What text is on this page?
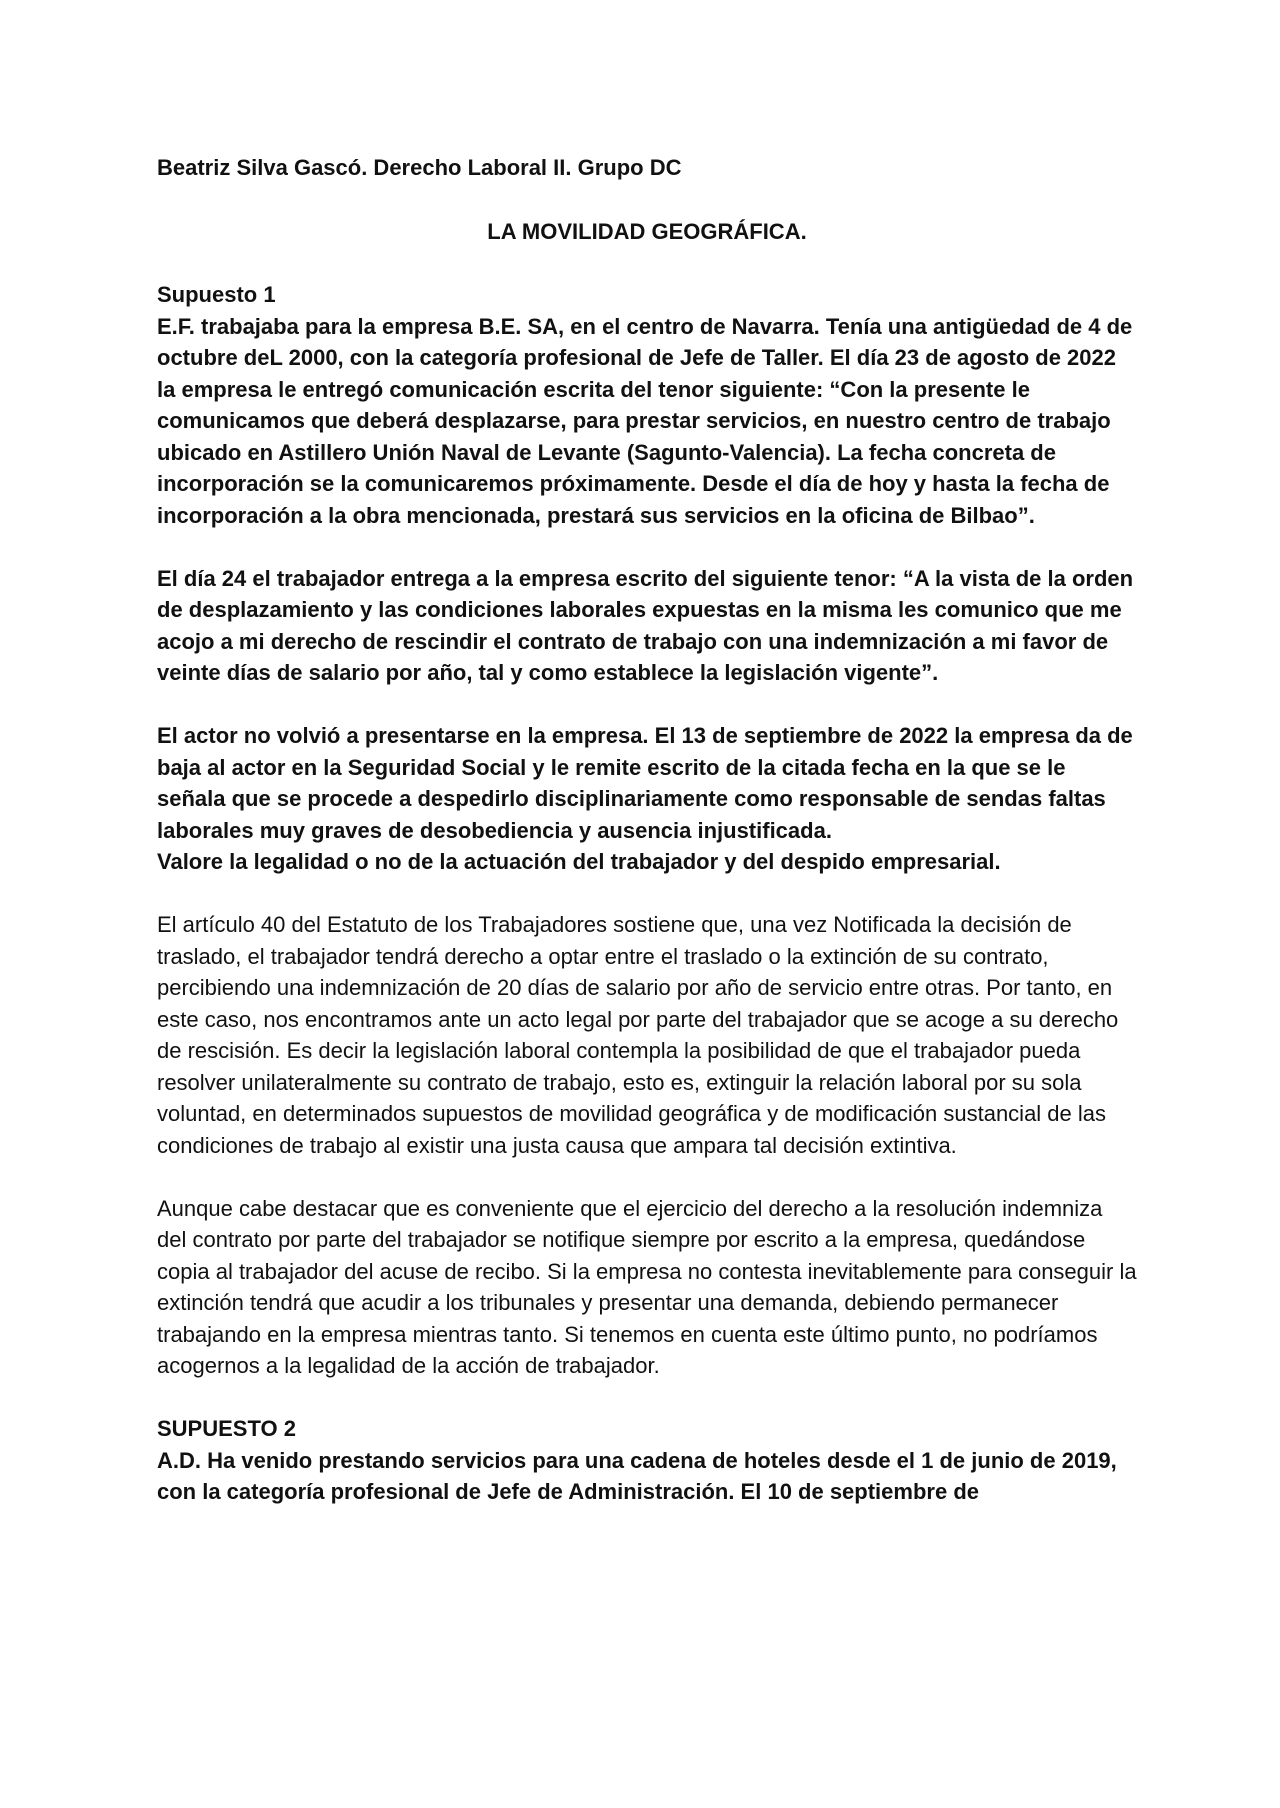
Beatriz Silva Gascó. Derecho Laboral II. Grupo DC

LA MOVILIDAD GEOGRÁFICA.

Supuesto 1

E.F. trabajaba para la empresa B.E. SA, en el centro de Navarra. Tenía una antigüedad de 4 de octubre deL 2000, con la categoría profesional de Jefe de Taller. El día 23 de agosto de 2022 la empresa le entregó comunicación escrita del tenor siguiente: “Con la presente le comunicamos que deberá desplazarse, para prestar servicios, en nuestro centro de trabajo ubicado en Astillero Unión Naval de Levante (Sagunto-Valencia). La fecha concreta de incorporación se la comunicaremos próximamente. Desde el día de hoy y hasta la fecha de incorporación a la obra mencionada, prestará sus servicios en la oficina de Bilbao”.

El día 24 el trabajador entrega a la empresa escrito del siguiente tenor: “A la vista de la orden de desplazamiento y las condiciones laborales expuestas en la misma les comunico que me acojo a mi derecho de rescindir el contrato de trabajo con una indemnización a mi favor de veinte días de salario por año, tal y como establece la legislación vigente”.

El actor no volvió a presentarse en la empresa. El 13 de septiembre de 2022 la empresa da de baja al actor en la Seguridad Social y le remite escrito de la citada fecha en la que se le señala que se procede a despedirlo disciplinariamente como responsable de sendas faltas laborales muy graves de desobediencia y ausencia injustificada.

Valore la legalidad o no de la actuación del trabajador y del despido empresarial.

El artículo 40 del Estatuto de los Trabajadores sostiene que, una vez Notificada la decisión de traslado, el trabajador tendrá derecho a optar entre el traslado o la extinción de su contrato, percibiendo una indemnización de 20 días de salario por año de servicio entre otras. Por tanto, en este caso, nos encontramos ante un acto legal por parte del trabajador que se acoge a su derecho de rescisión. Es decir la legislación laboral contempla la posibilidad de que el trabajador pueda resolver unilateralmente su contrato de trabajo, esto es, extinguir la relación laboral por su sola voluntad, en determinados supuestos de movilidad geográfica y de modificación sustancial de las condiciones de trabajo al existir una justa causa que ampara tal decisión extintiva.

Aunque cabe destacar que es conveniente que el ejercicio del derecho a la resolución indemniza del contrato por parte del trabajador se notifique siempre por escrito a la empresa, quedándose copia al trabajador del acuse de recibo. Si la empresa no contesta inevitablemente para conseguir la extinción tendrá que acudir a los tribunales y presentar una demanda, debiendo permanecer trabajando en la empresa mientras tanto. Si tenemos en cuenta este último punto, no podríamos acogernos a la legalidad de la acción de trabajador.

SUPUESTO 2

A.D. Ha venido prestando servicios para una cadena de hoteles desde el 1 de junio de 2019, con la categoría profesional de Jefe de Administración. El 10 de septiembre de
